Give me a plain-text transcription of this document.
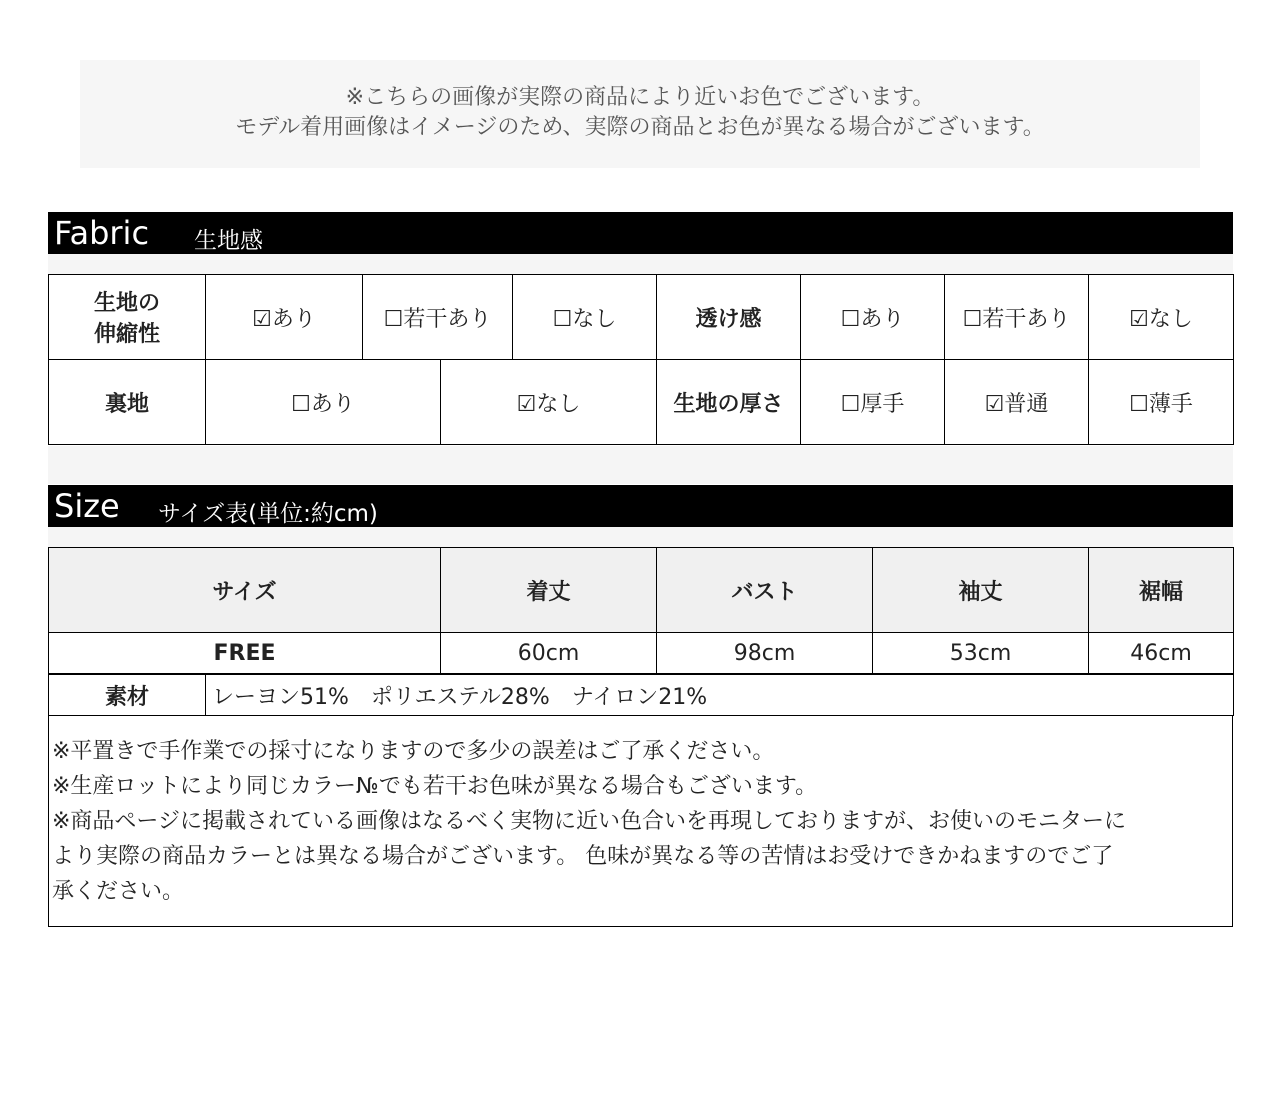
※こちらの画像が実際の商品により近いお色でございます。
モデル着用画像はイメージのため、実際の商品とお色が異なる場合がございます。
Fabric 生地感
生地の
伸縮性	☑あり	☐若干あり		☐なし	透け感	☐あり	☐若干あり	☑なし
裏地	☐あり		☑なし		生地の厚さ	☐厚手	☑普通	☐薄手
Size サイズ表(単位:約cm)
サイズ	着丈	バスト	袖丈	裾幅
FREE	60cm	98cm	53cm	46cm
素材	レーヨン51%　ポリエステル28%　ナイロン21%
※平置きで手作業での採寸になりますので多少の誤差はご了承ください。
※生産ロットにより同じカラー№でも若干お色味が異なる場合もございます。
※商品ページに掲載されている画像はなるべく実物に近い色合いを再現しておりますが、お使いのモニターに
より実際の商品カラーとは異なる場合がございます。 色味が異なる等の苦情はお受けできかねますのでご了
承ください。
